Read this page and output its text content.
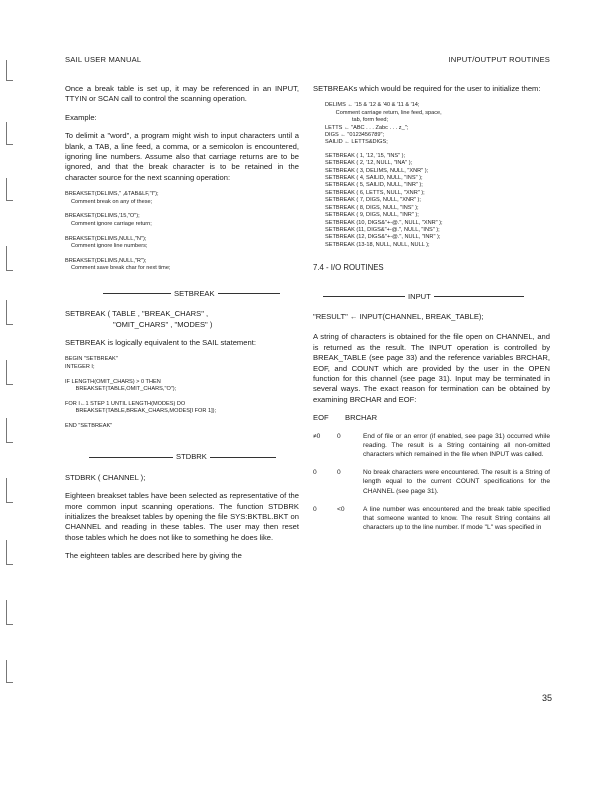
SAIL USER MANUAL	INPUT/OUTPUT ROUTINES

Once a break table is set up, it may be referenced in an INPUT, TTYIN or SCAN call to control the scanning operation.

Example:

To delimit a "word", a program might wish to input characters until a blank, a TAB, a line feed, a comma, or a semicolon is encountered, ignoring line numbers. Assume also that carriage returns are to be ignored, and that the break character is to be retained in the character source for the next scanning operation:

BREAKSET(DELIMS," ,&TAB&LF,"I");
Comment break on any of these;

BREAKSET(DELIMS,'15,"O");
Comment ignore carriage return;

BREAKSET(DELIMS,NULL,"N");
Comment ignore line numbers;

BREAKSET(DELIMS,NULL,"R");
Comment save break char for next time;
SETBREAK
SETBREAK ( TABLE , "BREAK_CHARS" ,
"OMIT_CHARS" , "MODES" )

SETBREAK is logically equivalent to the SAIL statement:

BEGIN "SETBREAK"
INTEGER I;

IF LENGTH(OMIT_CHARS) > 0 THEN
BREAKSET(TABLE,OMIT_CHARS,"O");

FOR I←1 STEP 1 UNTIL LENGTH(MODES) DO
BREAKSET(TABLE,BREAK_CHARS,MODES[I FOR 1]);

END "SETBREAK"
STDBRK

STDBRK ( CHANNEL );

Eighteen breakset tables have been selected as representative of the more common input scanning operations. The function STDBRK initializes the breakset tables by opening the file SYS:BKTBL.BKT on CHANNEL and reading in these tables. The user may then reset those tables which he does not like to something he does like.

The eighteen tables are described here by giving the

SETBREAKs which would be required for the user to initialize them:

DELIMS ← '15 & '12 & '40 & '11 & '14;
Comment carriage return, line feed, space,
tab, form feed;
LETTS ← "ABC . . . Zabc . . . z_";
DIGS ← "0123456789";
SAILID ← LETTS&DIGS;
SETBREAK ( 1, '12, '15, "INS" );
SETBREAK ( 2, '12, NULL, "INA" );
SETBREAK ( 3, DELIMS, NULL, "XNR" );
SETBREAK ( 4, SAILID, NULL, "INS" );
SETBREAK ( 5, SAILID, NULL, "INR" );
SETBREAK ( 6, LETTS, NULL, "XNR" );
SETBREAK ( 7, DIGS, NULL, "XNR" );
SETBREAK ( 8, DIGS, NULL, "INS" );
SETBREAK ( 9, DIGS, NULL, "INR" );
SETBREAK (10, DIGS&"+-@.", NULL, "XNR" );
SETBREAK (11, DIGS&"+-@.", NULL, "INS" );
SETBREAK (12, DIGS&"+-@.", NULL, "INR" );
SETBREAK (13-18, NULL, NULL, NULL );
7.4 - I/O ROUTINES
INPUT

"RESULT" ← INPUT(CHANNEL, BREAK_TABLE);

A string of characters is obtained for the file open on CHANNEL, and is returned as the result. The INPUT operation is controlled by BREAK_TABLE (see page 33) and the reference variables BRCHAR, EOF, and COUNT which are provided by the user in the OPEN function for this channel (see page 31). Input may be terminated in several ways. The exact reason for termination can be obtained by examining BRCHAR and EOF:

EOF	BRCHAR
≠0	0	End of file or an error (if enabled, see page 31) occurred while reading. The result is a String containing all non-omitted characters which remained in the file when INPUT was called.
0	0	No break characters were encountered. The result is a String of length equal to the current COUNT specifications for the CHANNEL (see page 31).
0	<0	A line number was encountered and the break table specified that someone wanted to know. The result String contains all characters up to the line number. If mode "L" was specified in
35
